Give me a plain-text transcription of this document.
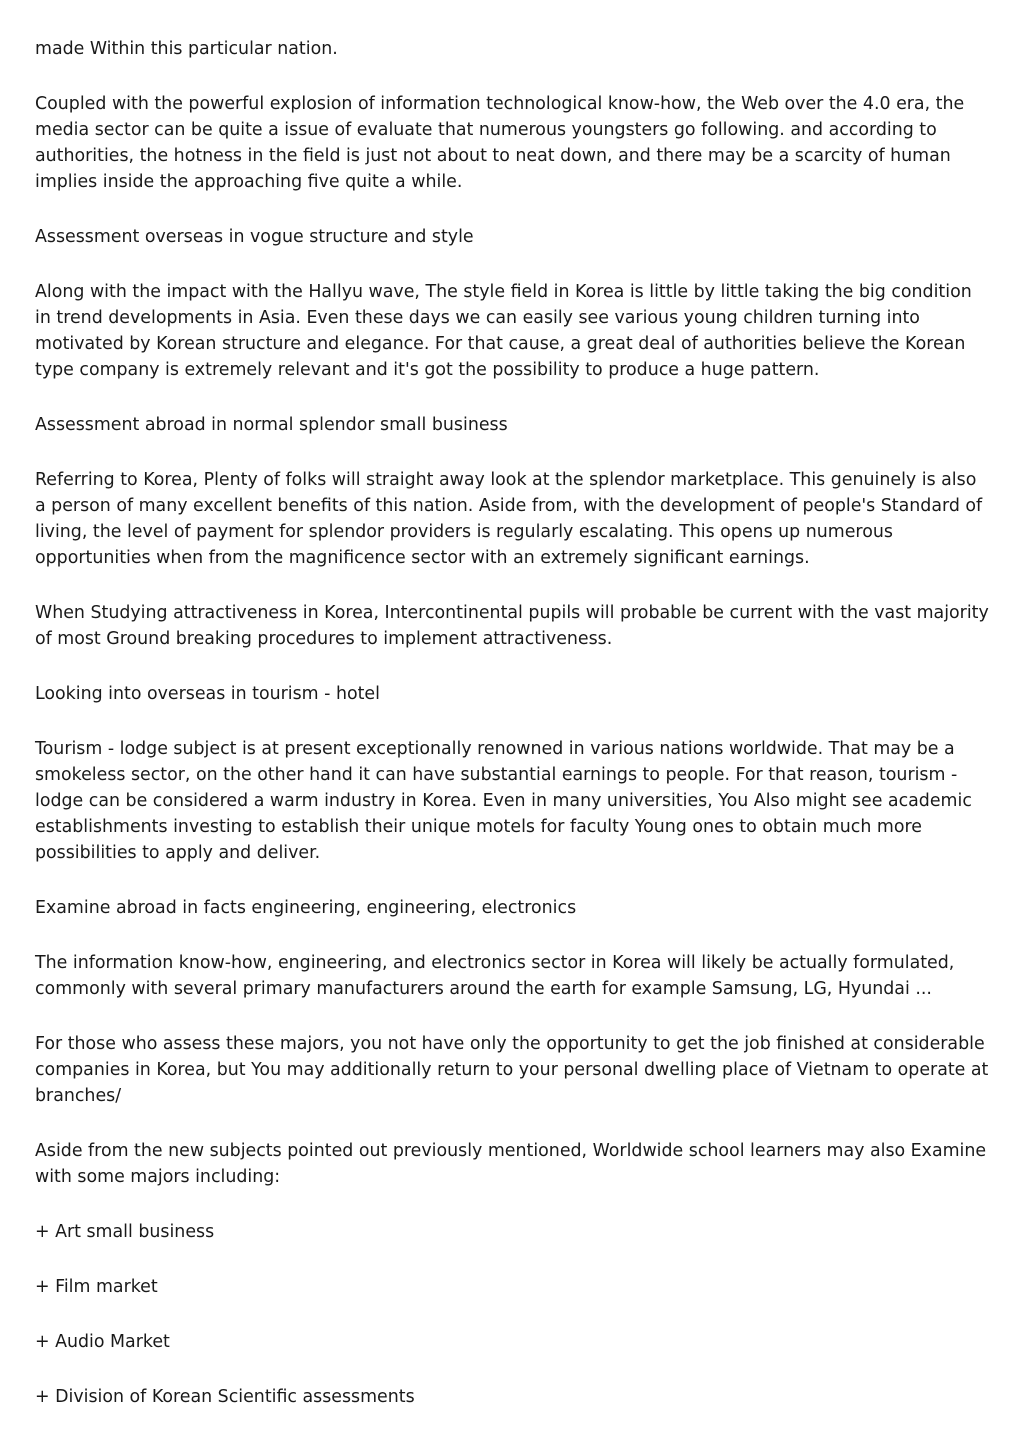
made Within this particular nation.

Coupled with the powerful explosion of information technological know-how, the Web over the 4.0 era, the media sector can be quite a issue of evaluate that numerous youngsters go following. and according to authorities, the hotness in the field is just not about to neat down, and there may be a scarcity of human implies inside the approaching five quite a while.

Assessment overseas in vogue structure and style

Along with the impact with the Hallyu wave, The style field in Korea is little by little taking the big condition in trend developments in Asia. Even these days we can easily see various young children turning into motivated by Korean structure and elegance. For that cause, a great deal of authorities believe the Korean type company is extremely relevant and it's got the possibility to produce a huge pattern.

Assessment abroad in normal splendor small business

Referring to Korea, Plenty of folks will straight away look at the splendor marketplace. This genuinely is also a person of many excellent benefits of this nation. Aside from, with the development of people's Standard of living, the level of payment for splendor providers is regularly escalating. This opens up numerous opportunities when from the magnificence sector with an extremely significant earnings.

When Studying attractiveness in Korea, Intercontinental pupils will probable be current with the vast majority of most Ground breaking procedures to implement attractiveness.

Looking into overseas in tourism - hotel

Tourism - lodge subject is at present exceptionally renowned in various nations worldwide. That may be a smokeless sector, on the other hand it can have substantial earnings to people. For that reason, tourism - lodge can be considered a warm industry in Korea. Even in many universities, You Also might see academic establishments investing to establish their unique motels for faculty Young ones to obtain much more possibilities to apply and deliver.

Examine abroad in facts engineering, engineering, electronics

The information know-how, engineering, and electronics sector in Korea will likely be actually formulated, commonly with several primary manufacturers around the earth for example Samsung, LG, Hyundai ...

For those who assess these majors, you not have only the opportunity to get the job finished at considerable companies in Korea, but You may additionally return to your personal dwelling place of Vietnam to operate at branches/

Aside from the new subjects pointed out previously mentioned, Worldwide school learners may also Examine with some majors including:

+ Art small business

+ Film market

+ Audio Market

+ Division of Korean Scientific assessments
